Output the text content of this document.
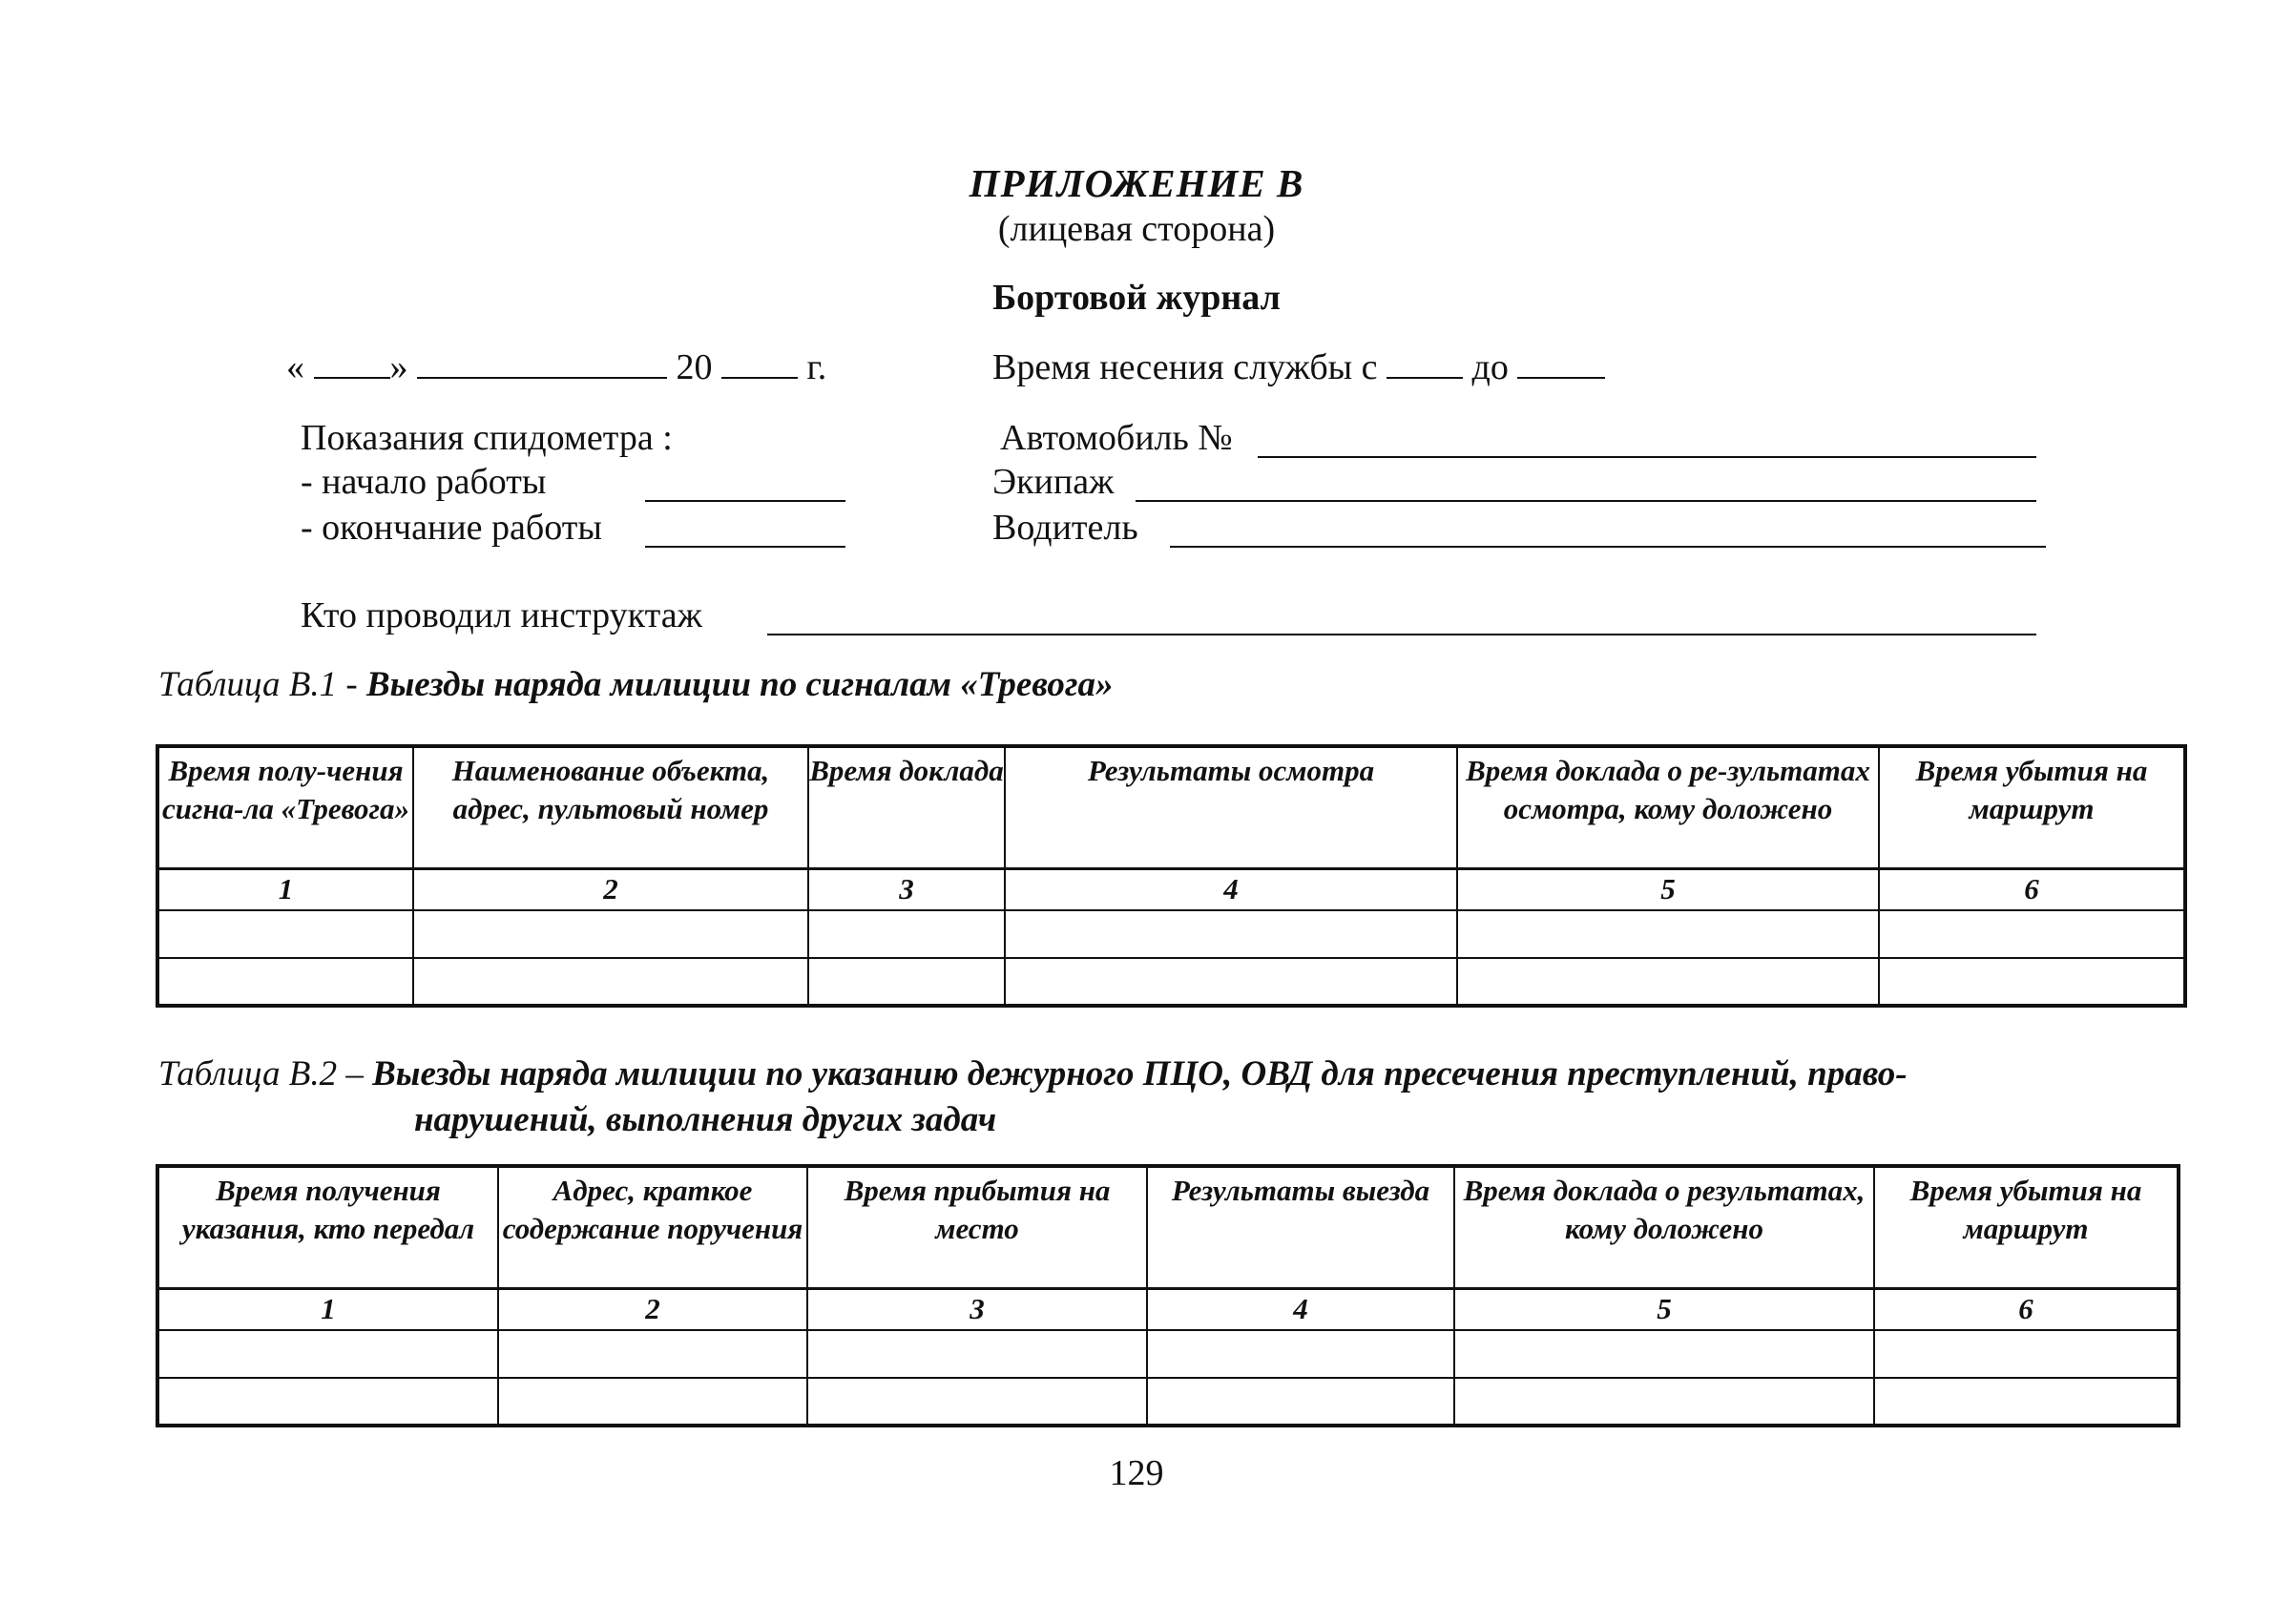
ПРИЛОЖЕНИЕ В
(лицевая сторона)
Бортовой журнал
« »	20	г.	Время несения службы с	до
Показания спидометра :
- начало работы
- окончание работы
Автомобиль №
Экипаж
Водитель
Кто проводил инструктаж
Таблица В.1 - Выезды наряда милиции по сигналам «Тревога»
Время полу-чения сигна-ла «Тревога»	Наименование объекта, адрес, пультовый номер	Время доклада	Результаты осмотра	Время доклада о ре-зультатах осмотра, кому доложено	Время убытия на маршрут
1	2	3	4	5	6

Таблица В.2 – Выезды наряда милиции по указанию дежурного ПЦО, ОВД для пресечения преступлений, право-
нарушений, выполнения других задач
Время получения указания, кто передал	Адрес, краткое содержание поручения	Время прибытия на место	Результаты выезда	Время доклада о результатах, кому доложено	Время убытия на маршрут
1	2	3	4	5	6

129
